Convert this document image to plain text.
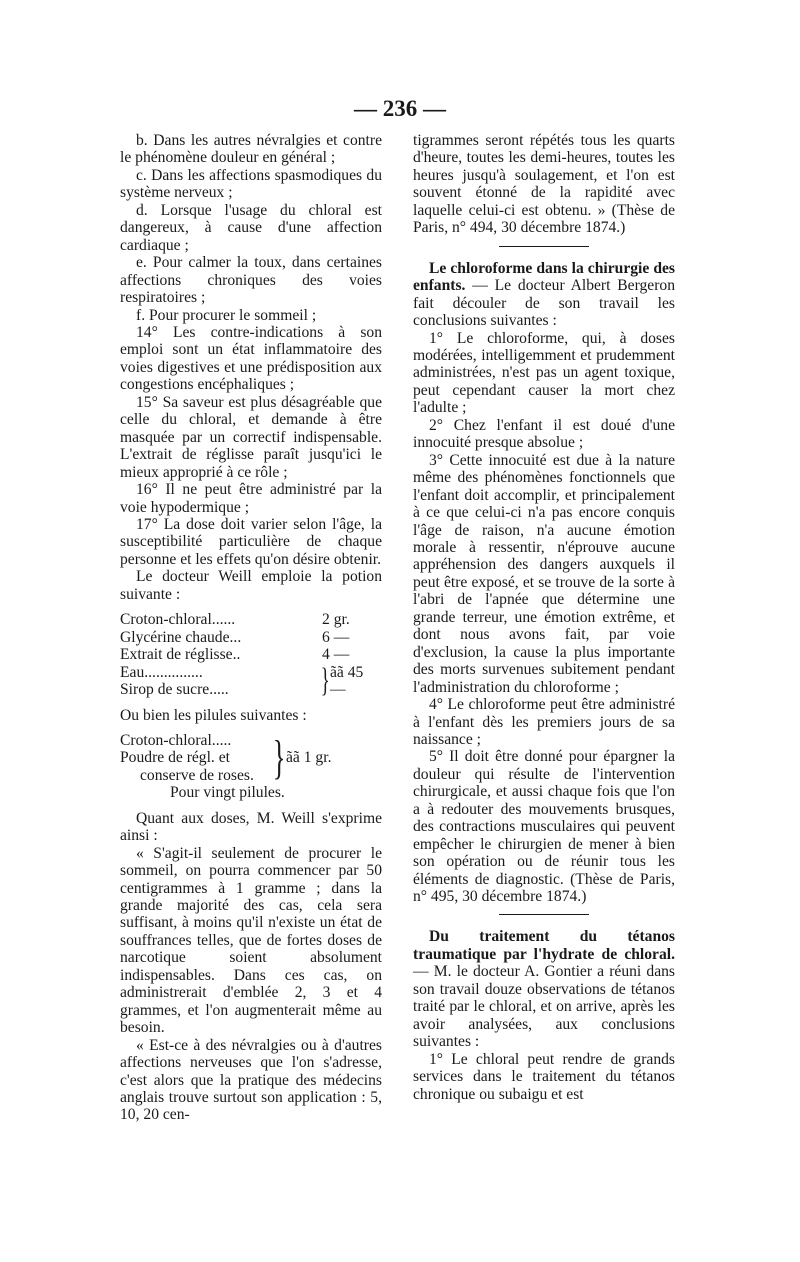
— 236 —

b. Dans les autres névralgies et contre le phénomène douleur en général ;

c. Dans les affections spasmodiques du système nerveux ;

d. Lorsque l'usage du chloral est dangereux, à cause d'une affection cardiaque ;

e. Pour calmer la toux, dans certaines affections chroniques des voies respiratoires ;

f. Pour procurer le sommeil ;

14° Les contre-indications à son emploi sont un état inflammatoire des voies digestives et une prédisposition aux congestions encéphaliques ;

15° Sa saveur est plus désagréable que celle du chloral, et demande à être masquée par un correctif indispensable. L'extrait de réglisse paraît jusqu'ici le mieux approprié à ce rôle ;

16° Il ne peut être administré par la voie hypodermique ;

17° La dose doit varier selon l'âge, la susceptibilité particulière de chaque personne et les effets qu'on désire obtenir.

Le docteur Weill emploie la potion suivante :

Croton-chloral......	2 gr.
Glycérine chaude...	6 —
Extrait de réglisse..	4 —
Eau...............
Sirop de sucre.....	} ãã 45 —

Ou bien les pilules suivantes :

Croton-chloral.....
Poudre de régl. et
conserve de roses. } ãã 1 gr.
Pour vingt pilules.

Quant aux doses, M. Weill s'exprime ainsi :

« S'agit-il seulement de procurer le sommeil, on pourra commencer par 50 centigrammes à 1 gramme ; dans la grande majorité des cas, cela sera suffisant, à moins qu'il n'existe un état de souffrances telles, que de fortes doses de narcotique soient absolument indispensables. Dans ces cas, on administrerait d'emblée 2, 3 et 4 grammes, et l'on augmenterait même au besoin.

« Est-ce à des névralgies ou à d'autres affections nerveuses que l'on s'adresse, c'est alors que la pratique des médecins anglais trouve surtout son application : 5, 10, 20 cen-

tigrammes seront répétés tous les quarts d'heure, toutes les demi-heures, toutes les heures jusqu'à soulagement, et l'on est souvent étonné de la rapidité avec laquelle celui-ci est obtenu. » (Thèse de Paris, n° 494, 30 décembre 1874.)

Le chloroforme dans la chirurgie des enfants. — Le docteur Albert Bergeron fait découler de son travail les conclusions suivantes :

1° Le chloroforme, qui, à doses modérées, intelligemment et prudemment administrées, n'est pas un agent toxique, peut cependant causer la mort chez l'adulte ;

2° Chez l'enfant il est doué d'une innocuité presque absolue ;

3° Cette innocuité est due à la nature même des phénomènes fonctionnels que l'enfant doit accomplir, et principalement à ce que celui-ci n'a pas encore conquis l'âge de raison, n'a aucune émotion morale à ressentir, n'éprouve aucune appréhension des dangers auxquels il peut être exposé, et se trouve de la sorte à l'abri de l'apnée que détermine une grande terreur, une émotion extrême, et dont nous avons fait, par voie d'exclusion, la cause la plus importante des morts survenues subitement pendant l'administration du chloroforme ;

4° Le chloroforme peut être administré à l'enfant dès les premiers jours de sa naissance ;

5° Il doit être donné pour épargner la douleur qui résulte de l'intervention chirurgicale, et aussi chaque fois que l'on a à redouter des mouvements brusques, des contractions musculaires qui peuvent empêcher le chirurgien de mener à bien son opération ou de réunir tous les éléments de diagnostic. (Thèse de Paris, n° 495, 30 décembre 1874.)

Du traitement du tétanos traumatique par l'hydrate de chloral. — M. le docteur A. Gontier a réuni dans son travail douze observations de tétanos traité par le chloral, et on arrive, après les avoir analysées, aux conclusions suivantes :

1° Le chloral peut rendre de grands services dans le traitement du tétanos chronique ou subaigu et est
